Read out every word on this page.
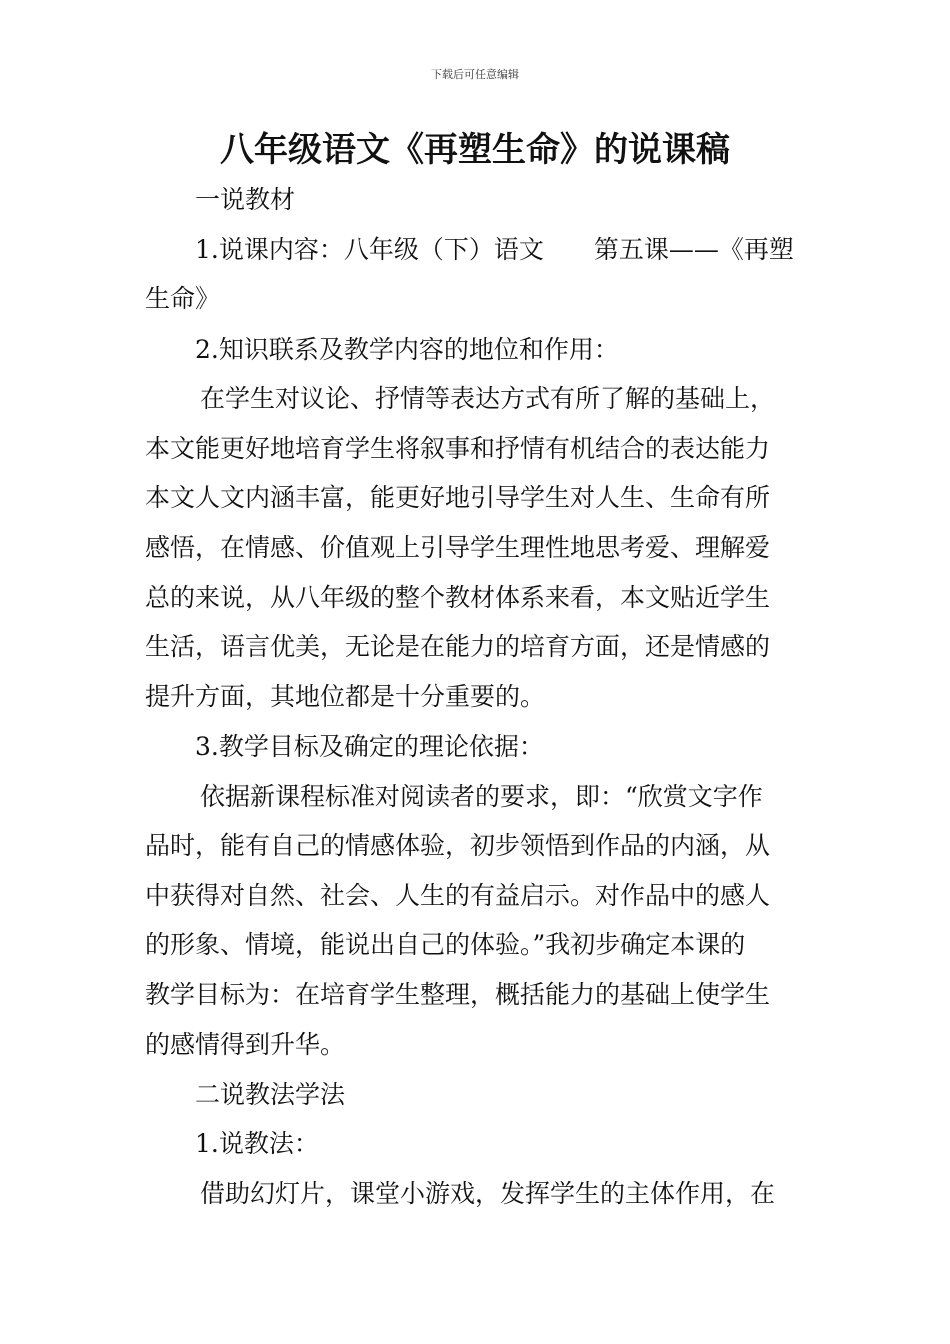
下载后可任意编辑
八年级语文《再塑生命》的说课稿
一说教材
1.说课内容：八年级（下）语文　　第五课——《再塑
生命》
2.知识联系及教学内容的地位和作用：
在学生对议论、抒情等表达方式有所了解的基础上，
本文能更好地培育学生将叙事和抒情有机结合的表达能力
本文人文内涵丰富，能更好地引导学生对人生、生命有所
感悟，在情感、价值观上引导学生理性地思考爱、理解爱
总的来说，从八年级的整个教材体系来看，本文贴近学生
生活，语言优美，无论是在能力的培育方面，还是情感的
提升方面，其地位都是十分重要的。
3.教学目标及确定的理论依据：
依据新课程标准对阅读者的要求，即：“欣赏文字作
品时，能有自己的情感体验，初步领悟到作品的内涵，从
中获得对自然、社会、人生的有益启示。对作品中的感人
的形象、情境，能说出自己的体验。”我初步确定本课的
教学目标为：在培育学生整理，概括能力的基础上使学生
的感情得到升华。
二说教法学法
1.说教法：
借助幻灯片，课堂小游戏，发挥学生的主体作用，在
